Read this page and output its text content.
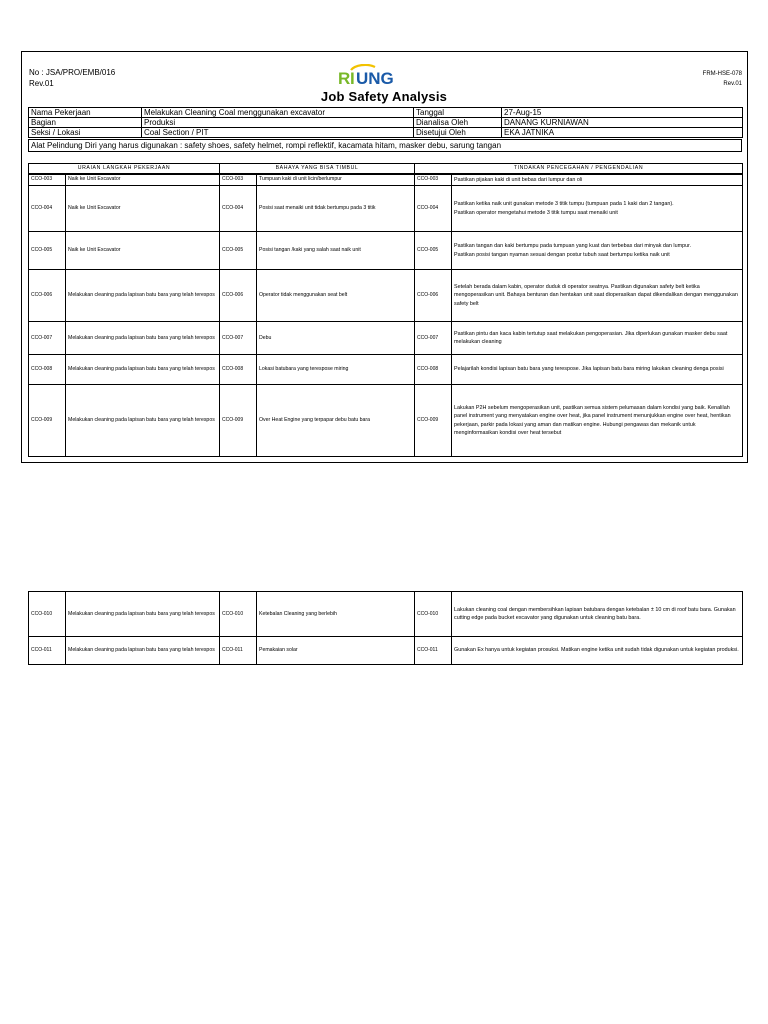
No : JSA/PRO/EMB/016
Rev.01
FRM-HSE-078
Rev.01
R I UNG
Job Safety Analysis
Nama Pekerjaan	Melakukan Cleaning Coal menggunakan excavator	Tanggal	27-Aug-15
Bagian	Produksi	Dianalisa Oleh	DANANG KURNIAWAN
Seksi / Lokasi	Coal Section / PIT	Disetujui Oleh	EKA JATNIKA
Alat Pelindung Diri yang harus digunakan : safety shoes, safety helmet, rompi reflektif, kacamata hitam, masker debu, sarung tangan
URAIAN LANGKAH PEKERJAAN		BAHAYA YANG BISA TIMBUL		TINDAKAN PENCEGAHAN / PENGENDALIAN	
CCO-003	Naik ke Unit Excavator	CCO-003	Tumpuan kaki di unit licin/berlumpur	CCO-003	Pastikan pijakan kaki di unit bebas dari lumpur dan oli
CCO-004	Naik ke Unit Excavator	CCO-004	Posisi saat menaiki unit tidak bertumpu pada 3 titik	CCO-004	Pastikan ketika naik unit gunakan metode 3 titik tumpu (tumpuan pada 1 kaki dan 2 tangan).
Pastikan operator mengetahui metode 3 titik tumpu saat menaiki unit
CCO-005	Naik ke Unit Excavator	CCO-005	Posisi tangan /kaki yang salah saat naik unit	CCO-005	Pastikan tangan dan kaki bertumpu pada tumpuan yang kuat dan terbebas dari minyak dan lumpur.
Pastikan posisi tangan nyaman sesuai dengan postur tubuh saat bertumpu ketika naik unit
CCO-006	Melakukan cleaning pada lapisan batu bara yang telah terespos	CCO-006	Operator tidak menggunakan seat belt	CCO-006	Setelah berada dalam kabin, operator duduk di operator seatnya. Pastikan digunakan safety belt ketika mengoperasikan unit. Bahaya benturan dan hentakan unit saat dioperasikan dapat dikendalikan dengan menggunakan safety belt
CCO-007	Melakukan cleaning pada lapisan batu bara yang telah terespos	CCO-007	Debu	CCO-007	Pastikan pintu dan kaca kabin tertutup saat melakukan pengoperasian. Jika diperlukan gunakan masker debu saat melakukan cleaning
CCO-008	Melakukan cleaning pada lapisan batu bara yang telah terespos	CCO-008	Lokasi batubara yang terespose miring	CCO-008	Pelajarilah kondisi lapisan batu bara yang terespose. Jika lapisan batu bara miring lakukan cleaning denga posisi
CCO-009	Melakukan cleaning pada lapisan batu bara yang telah terespos	CCO-009	Over Heat Engine yang terpapar debu batu bara	CCO-009	Lakukan P2H sebelum mengoperasikan unit, pastikan semua sistem pelumasan dalam kondisi yang baik. Kenalilah panel instrument yang menyatakan engine over heat, jika panel instrument menunjukkan engine over heat, hentikan pekerjaan, parkir pada lokasi yang aman dan matikan engine. Hubungi pengawas dan mekanik untuk menginformasikan kondisi over heat tersebut
CCO-010	Melakukan cleaning pada lapisan batu bara yang telah terespos	CCO-010	Ketebalan Cleaning yang berlebih	CCO-010	Lakukan cleaning coal dengan membersihkan lapisan batubara dengan ketebalan ± 10 cm di roof batu bara. Gunakan cutting edge pada bucket excavator yang digunakan untuk cleaning batu bara.
CCO-011	Melakukan cleaning pada lapisan batu bara yang telah terespos	CCO-011	Pemakaian solar	CCO-011	Gunakan Ex hanya untuk kegiatan prosuksi. Matikan engine ketika unit sudah tidak digunakan untuk kegiatan produksi.
